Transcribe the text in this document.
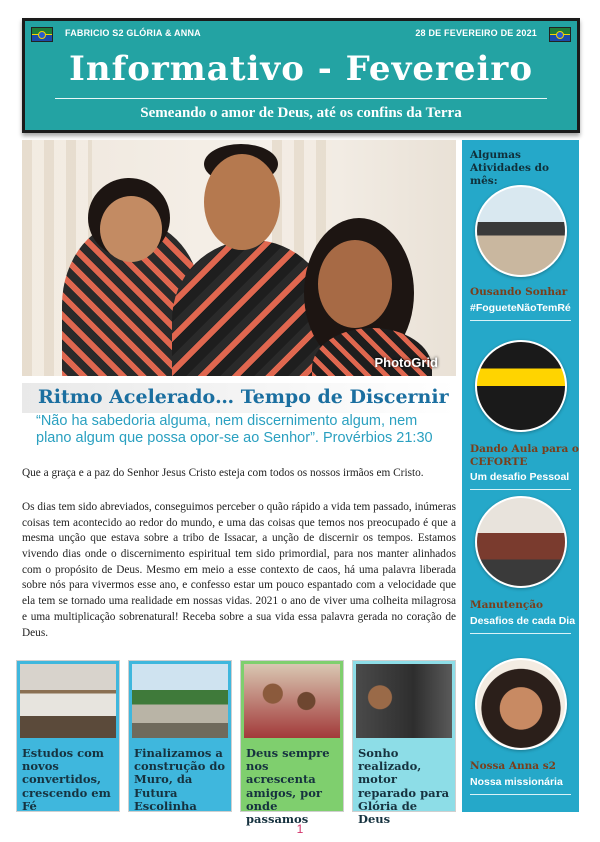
FABRICIO S2 GLÓRIA & ANNA	28 DE FEVEREIRO DE 2021
Informativo - Fevereiro
Semeando o amor de Deus, até os confins da Terra
PhotoGrid
Ritmo Acelerado… Tempo de Discernir
“Não ha sabedoria alguma, nem discernimento algum, nem plano algum que possa opor-se ao Senhor”. Provérbios 21:30
Que a graça e a paz do Senhor Jesus Cristo esteja com todos os nossos irmãos em Cristo.
Os dias tem sido abreviados, conseguimos perceber o quão rápido a vida tem passado, inúmeras coisas tem acontecido ao redor do mundo, e uma das coisas que temos nos preocupado é que a mesma unção que estava sobre a tribo de Issacar, a unção de discernir os tempos. Estamos vivendo dias onde o discernimento espiritual tem sido primordial, para nos manter alinhados com o propósito de Deus. Mesmo em meio a esse contexto de caos, há uma palavra liberada sobre nós para vivermos esse ano, e confesso estar um pouco espantado com a velocidade que ela tem se tornado uma realidade em nossas vidas. 2021 o ano de viver uma colheita milagrosa e uma multiplicação sobrenatural! Receba sobre a sua vida essa palavra gerada no coração de Deus.
Estudos com novos convertidos, crescendo em Fé
Finalizamos a construção do Muro, da Futura Escolinha
Deus sempre nos acrescenta amigos, por onde passamos
Sonho realizado, motor reparado para Glória de Deus
Algumas Atividades do mês:
Ousando Sonhar
#FogueteNãoTemRé
Dando Aula para o CEFORTE
Um desafio Pessoal
Manutenção
Desafios de cada Dia
Nossa Anna s2
Nossa missionária
1
